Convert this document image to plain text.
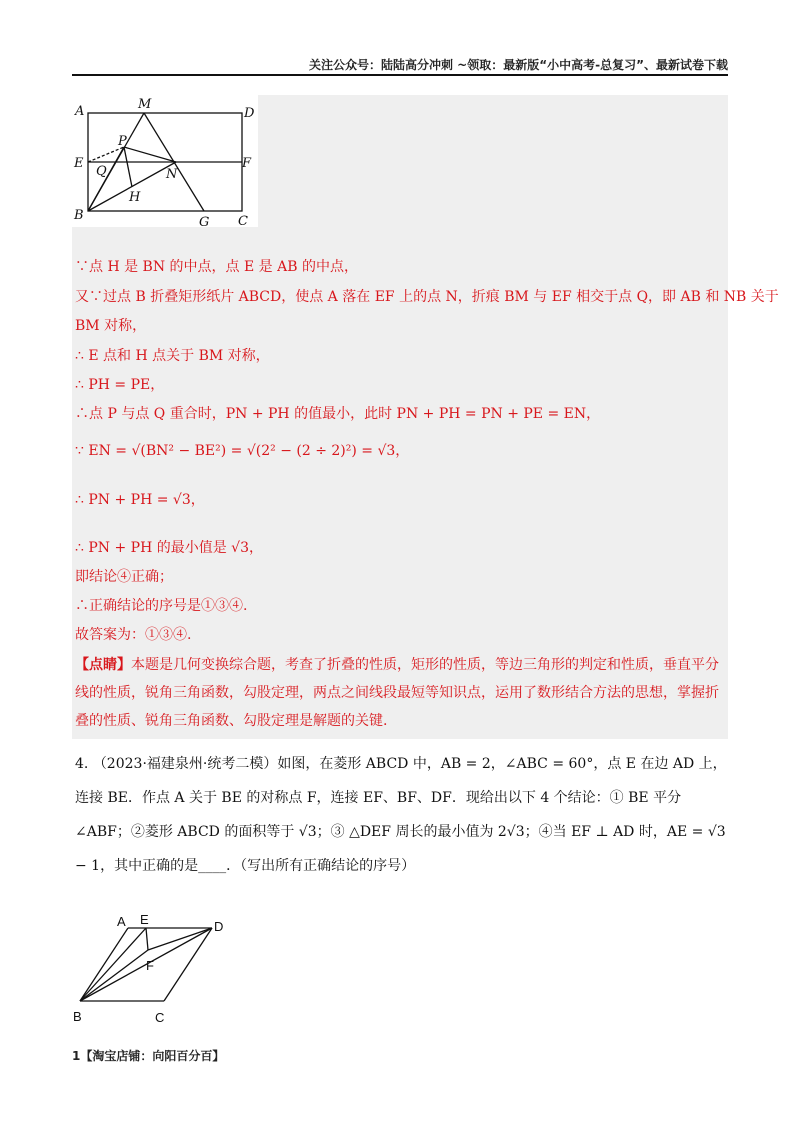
关注公众号：陆陆高分冲刺 ~领取：最新版“小中高考-总复习”、最新试卷下载
A	M
D
P
E	F
Q	N
H
B	G C
∵点 H 是 BN 的中点，点 E 是 AB 的中点，
又∵过点 B 折叠矩形纸片 ABCD，使点 A 落在 EF 上的点 N，折痕 BM 与 EF 相交于点 Q，即 AB 和 NB 关于
BM 对称，
∴ E 点和 H 点关于 BM 对称，
∴ PH = PE，
∴点 P 与点 Q 重合时，PN + PH 的值最小，此时 PN + PH = PN + PE = EN，
∵ EN = √(BN² − BE²) = √(2² − (2 ÷ 2)²) = √3，
∴ PN + PH = √3，
∴ PN + PH 的最小值是 √3，
即结论④正确；
∴正确结论的序号是①③④.
故答案为：①③④.
【点睛】本题是几何变换综合题，考查了折叠的性质，矩形的性质，等边三角形的判定和性质，垂直平分线的性质，锐角三角函数，勾股定理，两点之间线段最短等知识点，运用了数形结合方法的思想，掌握折叠的性质、锐角三角函数、勾股定理是解题的关键.
4. （2023·福建泉州·统考二模）如图，在菱形 ABCD 中，AB = 2，∠ABC = 60°，点 E 在边 AD 上，连接 BE．作点 A 关于 BE 的对称点 F，连接 EF、BF、DF．现给出以下 4 个结论：① BE 平分 ∠ABF；②菱形 ABCD 的面积等于 √3；③ △DEF 周长的最小值为 2√3；④当 EF ⊥ AD 时，AE = √3 − 1，其中正确的是____．（写出所有正确结论的序号）
A E	D
F
B	C
1【淘宝店铺：向阳百分百】
